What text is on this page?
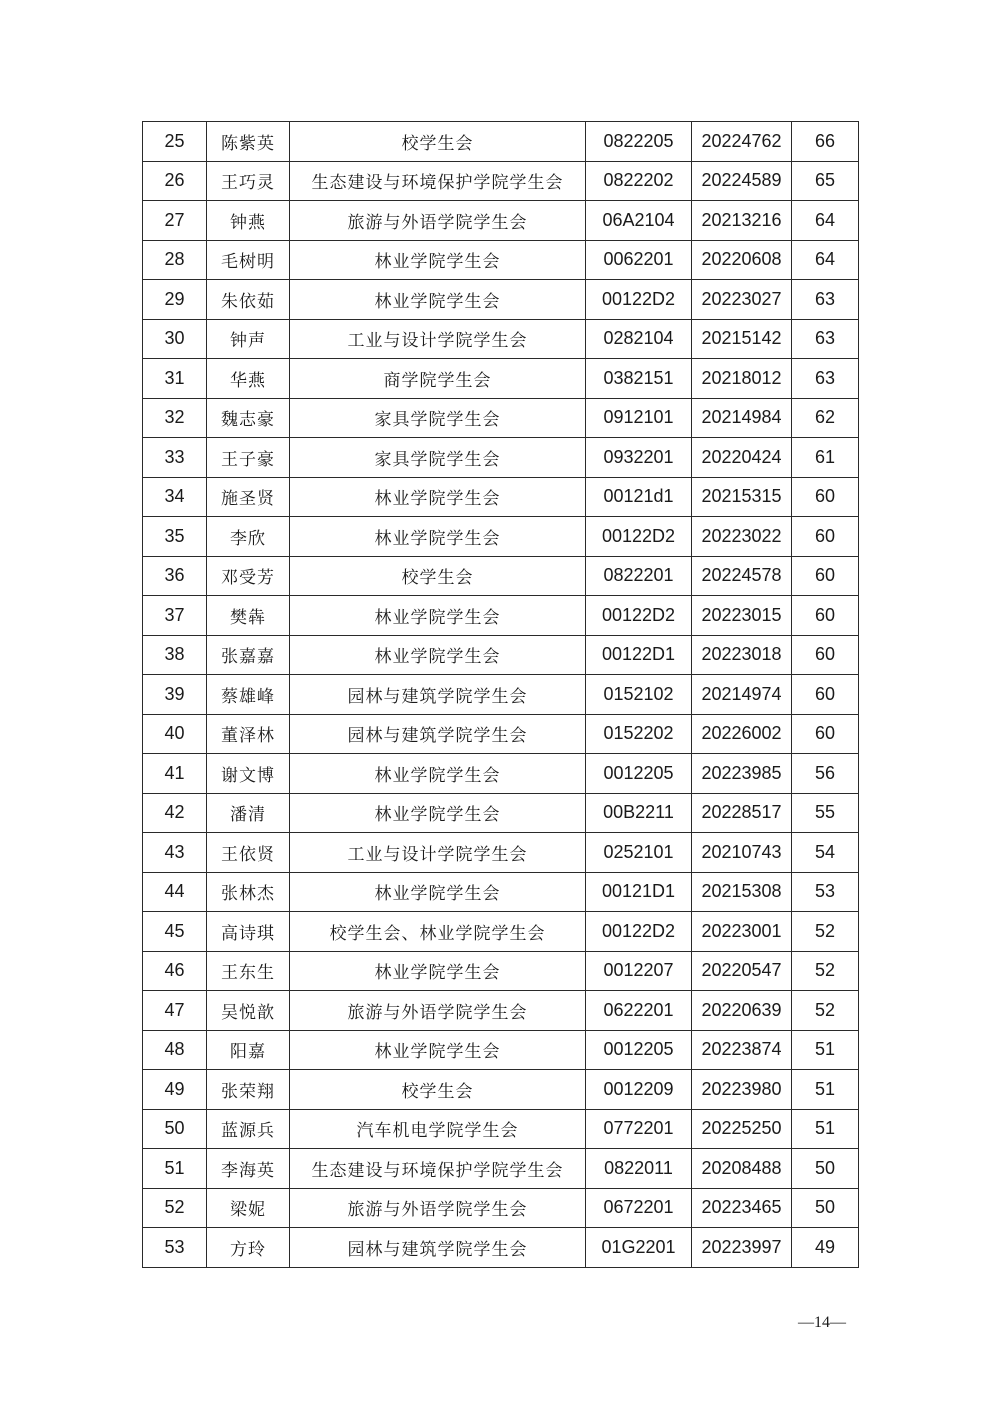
25	陈紫英	校学生会	0822205	20224762	66
26	王巧灵	生态建设与环境保护学院学生会	0822202	20224589	65
27	钟燕	旅游与外语学院学生会	06A2104	20213216	64
28	毛树明	林业学院学生会	0062201	20220608	64
29	朱依茹	林业学院学生会	00122D2	20223027	63
30	钟声	工业与设计学院学生会	0282104	20215142	63
31	华燕	商学院学生会	0382151	20218012	63
32	魏志豪	家具学院学生会	0912101	20214984	62
33	王子豪	家具学院学生会	0932201	20220424	61
34	施圣贤	林业学院学生会	00121d1	20215315	60
35	李欣	林业学院学生会	00122D2	20223022	60
36	邓受芳	校学生会	0822201	20224578	60
37	樊犇	林业学院学生会	00122D2	20223015	60
38	张嘉嘉	林业学院学生会	00122D1	20223018	60
39	蔡雄峰	园林与建筑学院学生会	0152102	20214974	60
40	董泽林	园林与建筑学院学生会	0152202	20226002	60
41	谢文博	林业学院学生会	0012205	20223985	56
42	潘清	林业学院学生会	00B2211	20228517	55
43	王依贤	工业与设计学院学生会	0252101	20210743	54
44	张林杰	林业学院学生会	00121D1	20215308	53
45	高诗琪	校学生会、林业学院学生会	00122D2	20223001	52
46	王东生	林业学院学生会	0012207	20220547	52
47	吴悦歆	旅游与外语学院学生会	0622201	20220639	52
48	阳嘉	林业学院学生会	0012205	20223874	51
49	张荣翔	校学生会	0012209	20223980	51
50	蓝源兵	汽车机电学院学生会	0772201	20225250	51
51	李海英	生态建设与环境保护学院学生会	0822011	20208488	50
52	梁妮	旅游与外语学院学生会	0672201	20223465	50
53	方玲	园林与建筑学院学生会	01G2201	20223997	49
—14—
